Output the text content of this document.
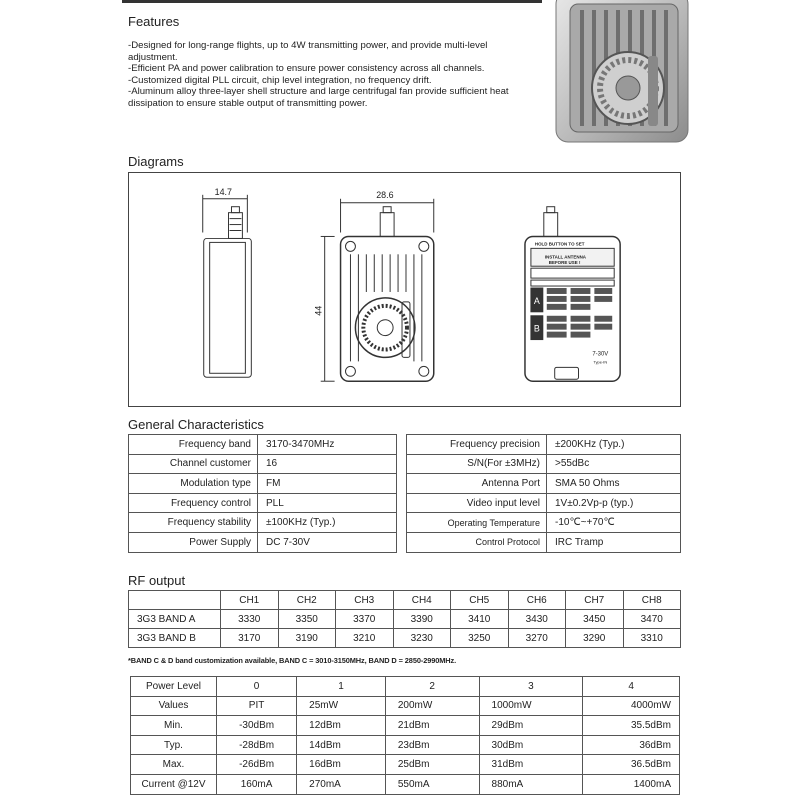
Features
-Designed for long-range flights, up to 4W transmitting power, and provide multi-level adjustment.
-Efficient PA and power calibration to ensure power consistency across all channels.
-Customized digital PLL circuit, chip level integration, no frequency drift.
-Aluminum alloy three-layer shell structure and large centrifugal fan provide sufficient heat dissipation to ensure stable output of transmitting power.
Diagrams
14.7	28.6
44
HOLD BUTTON TO SET
INSTALL ANTENNA
BEFORE USE !
A
B
7-30V
Type-IN
General Characteristics
Frequency band	3170-3470MHz
Channel customer	16
Modulation type	FM
Frequency control	PLL
Frequency stability	±100KHz (Typ.)
Power Supply	DC 7-30V
Frequency precision	±200KHz (Typ.)
S/N(For ±3MHz)	>55dBc
Antenna Port	SMA 50 Ohms
Video input level	1V±0.2Vp-p (typ.)
Operating Temperature	-10℃~+70℃
Control Protocol	IRC Tramp
RF output
	CH1	CH2	CH3	CH4	CH5	CH6	CH7	CH8
3G3 BAND A	3330	3350	3370	3390	3410	3430	3450	3470
3G3 BAND B	3170	3190	3210	3230	3250	3270	3290	3310
*BAND C & D band customization available, BAND C = 3010-3150MHz, BAND D = 2850-2990MHz.
Power Level	0	1	2	3	4
Values	PIT	25mW	200mW	1000mW	4000mW
Min.	-30dBm	12dBm	21dBm	29dBm	35.5dBm
Typ.	-28dBm	14dBm	23dBm	30dBm	36dBm
Max.	-26dBm	16dBm	25dBm	31dBm	36.5dBm
Current @12V	160mA	270mA	550mA	880mA	1400mA
